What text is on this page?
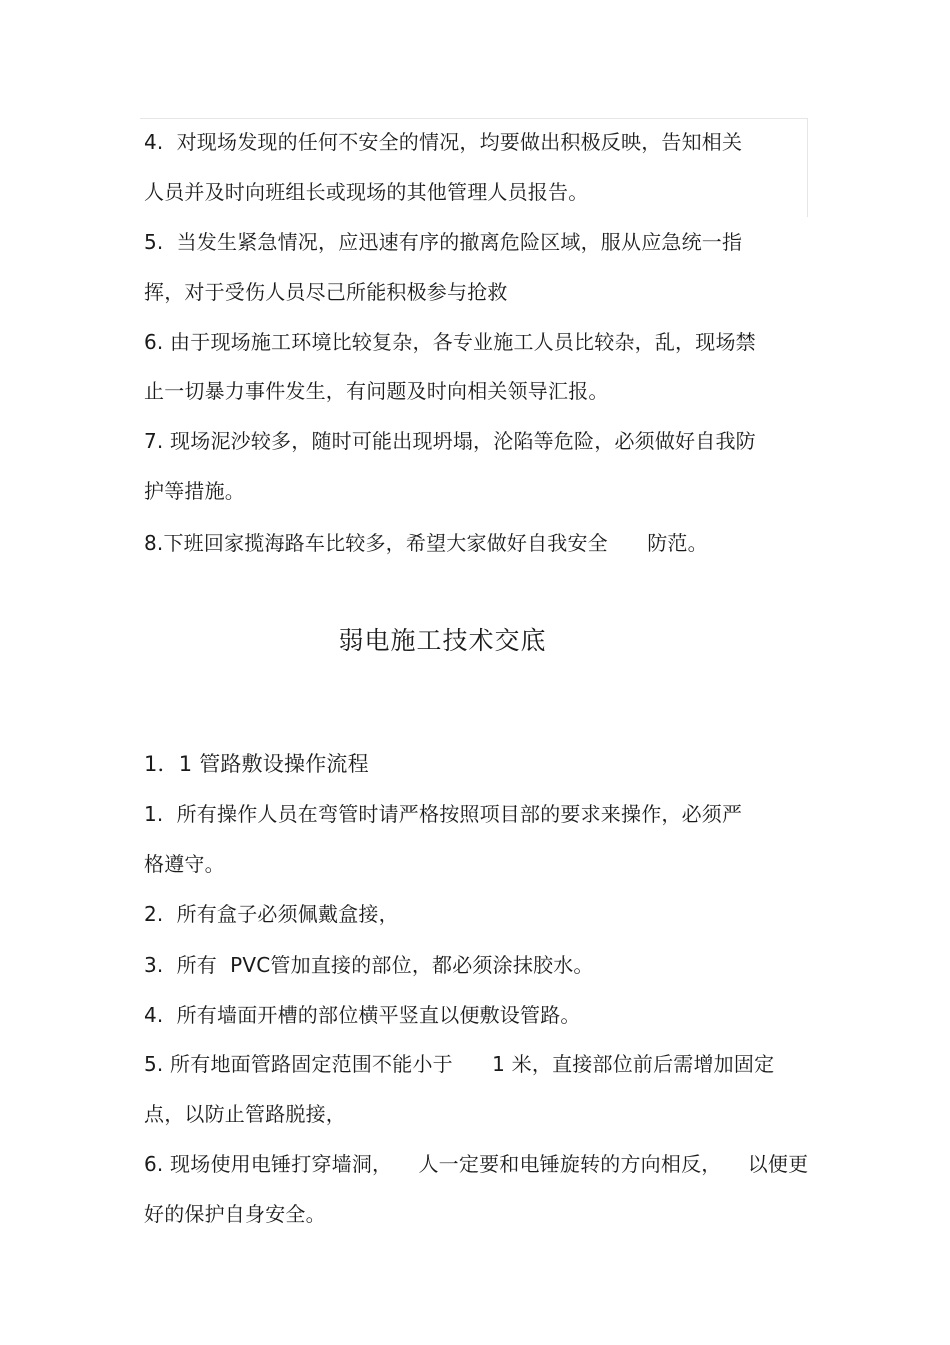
4.  对现场发现的任何不安全的情况，均要做出积极反映，告知相关
人员并及时向班组长或现场的其他管理人员报告。
5.  当发生紧急情况，应迅速有序的撤离危险区域，服从应急统一指
挥，对于受伤人员尽己所能积极参与抢救
6. 由于现场施工环境比较复杂，各专业施工人员比较杂，乱，现场禁
止一切暴力事件发生，有问题及时向相关领导汇报。
7. 现场泥沙较多，随时可能出现坍塌，沦陷等危险，必须做好自我防
护等措施。
8.下班回家揽海路车比较多，希望大家做好自我安全      防范。
弱电施工技术交底
1．1 管路敷设操作流程
1.  所有操作人员在弯管时请严格按照项目部的要求来操作，必须严
格遵守。
2.  所有盒子必须佩戴盒接，
3.  所有  PVC管加直接的部位，都必须涂抹胶水。
4.  所有墙面开槽的部位横平竖直以便敷设管路。
5. 所有地面管路固定范围不能小于      1 米，直接部位前后需增加固定
点，以防止管路脱接，
6. 现场使用电锤打穿墙洞，    人一定要和电锤旋转的方向相反，    以便更
好的保护自身安全。
